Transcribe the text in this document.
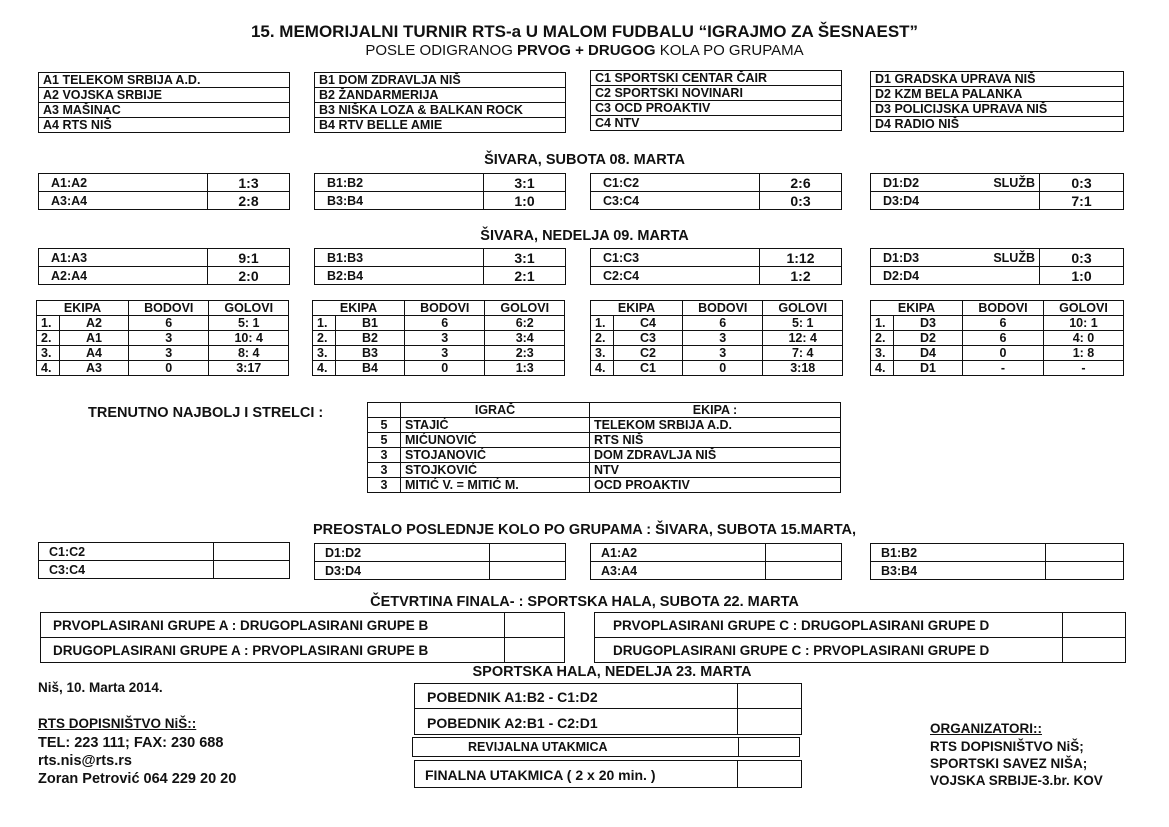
15. MEMORIJALNI TURNIR RTS-a U MALOM FUDBALU “IGRAJMO ZA ŠESNAEST”
POSLE ODIGRANOG PRVOG + DRUGOG KOLA PO GRUPAMA
A1 TELEKOM SRBIJA A.D.
A2 VOJSKA SRBIJE
A3 MAŠINAC
A4 RTS NIŠ
B1 DOM ZDRAVLJA NIŠ
B2 ŽANDARMERIJA
B3 NIŠKA LOZA & BALKAN ROCK
B4 RTV BELLE AMIE
C1 SPORTSKI CENTAR ČAIR
C2 SPORTSKI NOVINARI
C3 OCD PROAKTIV
C4 NTV
D1 GRADSKA UPRAVA NIŠ
D2 KZM BELA PALANKA
D3 POLICIJSKA UPRAVA NIŠ
D4 RADIO NIŠ
ŠIVARA, SUBOTA 08. MARTA
A1:A2	1:3
A3:A4	2:8
B1:B2	3:1
B3:B4	1:0
C1:C2	2:6
C3:C4	0:3
D1:D2 SLUŽB	0:3
D3:D4	7:1
ŠIVARA, NEDELJA 09. MARTA
A1:A3	9:1
A2:A4	2:0
B1:B3	3:1
B2:B4	2:1
C1:C3	1:12
C2:C4	1:2
D1:D3 SLUŽB	0:3
D2:D4	1:0
EKIPA		BODOVI	GOLOVI
1.	A2	6	5: 1
2.	A1	3	10: 4
3.	A4	3	8: 4
4.	A3	0	3:17
EKIPA		BODOVI	GOLOVI
1.	B1	6	6:2
2.	B2	3	3:4
3.	B3	3	2:3
4.	B4	0	1:3
EKIPA		BODOVI	GOLOVI
1.	C4	6	5: 1
2.	C3	3	12: 4
3.	C2	3	7: 4
4.	C1	0	3:18
EKIPA		BODOVI	GOLOVI
1.	D3	6	10: 1
2.	D2	6	4: 0
3.	D4	0	1: 8
4.	D1	-	-
TRENUTNO NAJBOLJ I STRELCI :
		IGRAČ	EKIPA :
5	STAJIĆ	TELEKOM SRBIJA A.D.
5	MIĆUNOVIĆ	RTS NIŠ
3	STOJANOVIĆ	DOM ZDRAVLJA NIŠ
3	STOJKOVIĆ	NTV
3	MITIĆ V. = MITIĆ M.	OCD PROAKTIV
PREOSTALO POSLEDNJE KOLO PO GRUPAMA : ŠIVARA, SUBOTA 15.MARTA,
C1:C2	
C3:C4	
D1:D2	
D3:D4	
A1:A2	
A3:A4	
B1:B2	
B3:B4	
ČETVRTINA FINALA- : SPORTSKA HALA, SUBOTA 22. MARTA
PRVOPLASIRANI GRUPE A : DRUGOPLASIRANI GRUPE B
DRUGOPLASIRANI GRUPE A : PRVOPLASIRANI GRUPE B
PRVOPLASIRANI GRUPE C : DRUGOPLASIRANI GRUPE D
DRUGOPLASIRANI GRUPE C : PRVOPLASIRANI GRUPE D
SPORTSKA HALA, NEDELJA 23. MARTA
POBEDNIK A1:B2 - C1:D2
POBEDNIK A2:B1 - C2:D1
REVIJALNA UTAKMICA
FINALNA UTAKMICA ( 2 x 20 min. )
Niš, 10. Marta 2014.
RTS DOPISNIŠTVO NiŠ::
TEL: 223 111; FAX: 230 688
rts.nis@rts.rs
Zoran Petrović 064 229 20 20
ORGANIZATORI::
RTS DOPISNIŠTVO NiŠ;
SPORTSKI SAVEZ NIŠA;
VOJSKA SRBIJE-3.br. KOV
